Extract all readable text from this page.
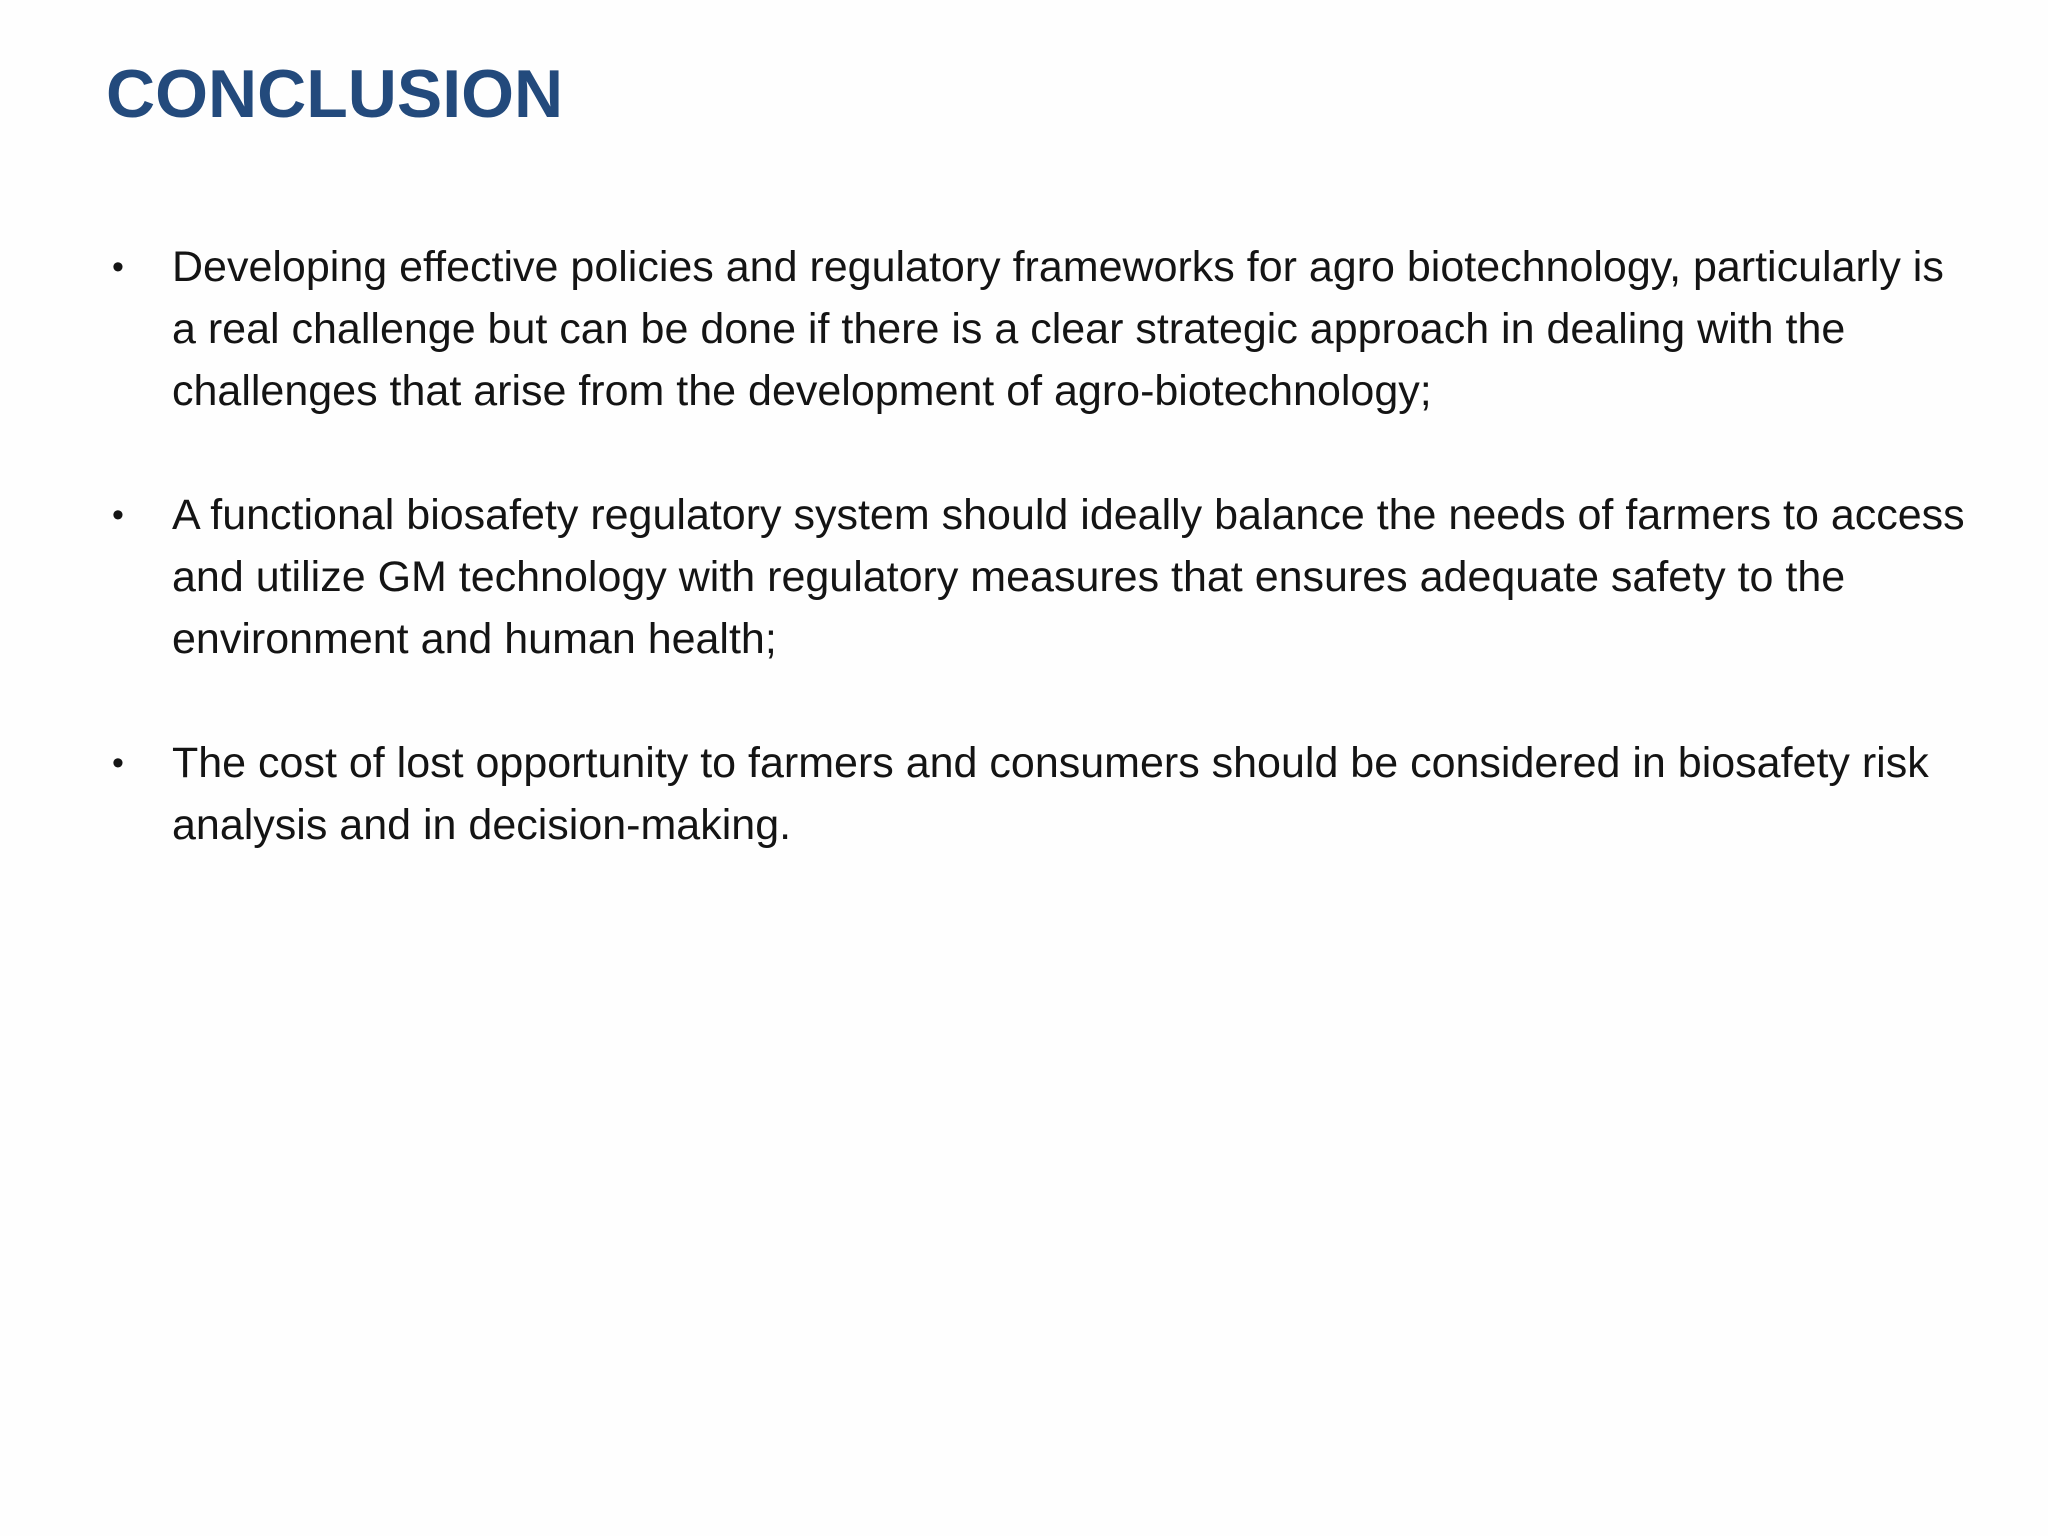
CONCLUSION
• Developing effective policies and regulatory frameworks for agro biotechnology, particularly is a real challenge but can be done if there is a clear strategic approach in dealing with the challenges that arise from the development of agro-biotechnology;
• A functional biosafety regulatory system should ideally balance the needs of farmers to access and utilize GM technology with regulatory measures that ensures adequate safety to the environment and human health;
• The cost of lost opportunity to farmers and consumers should be considered in biosafety risk analysis and in decision-making.
